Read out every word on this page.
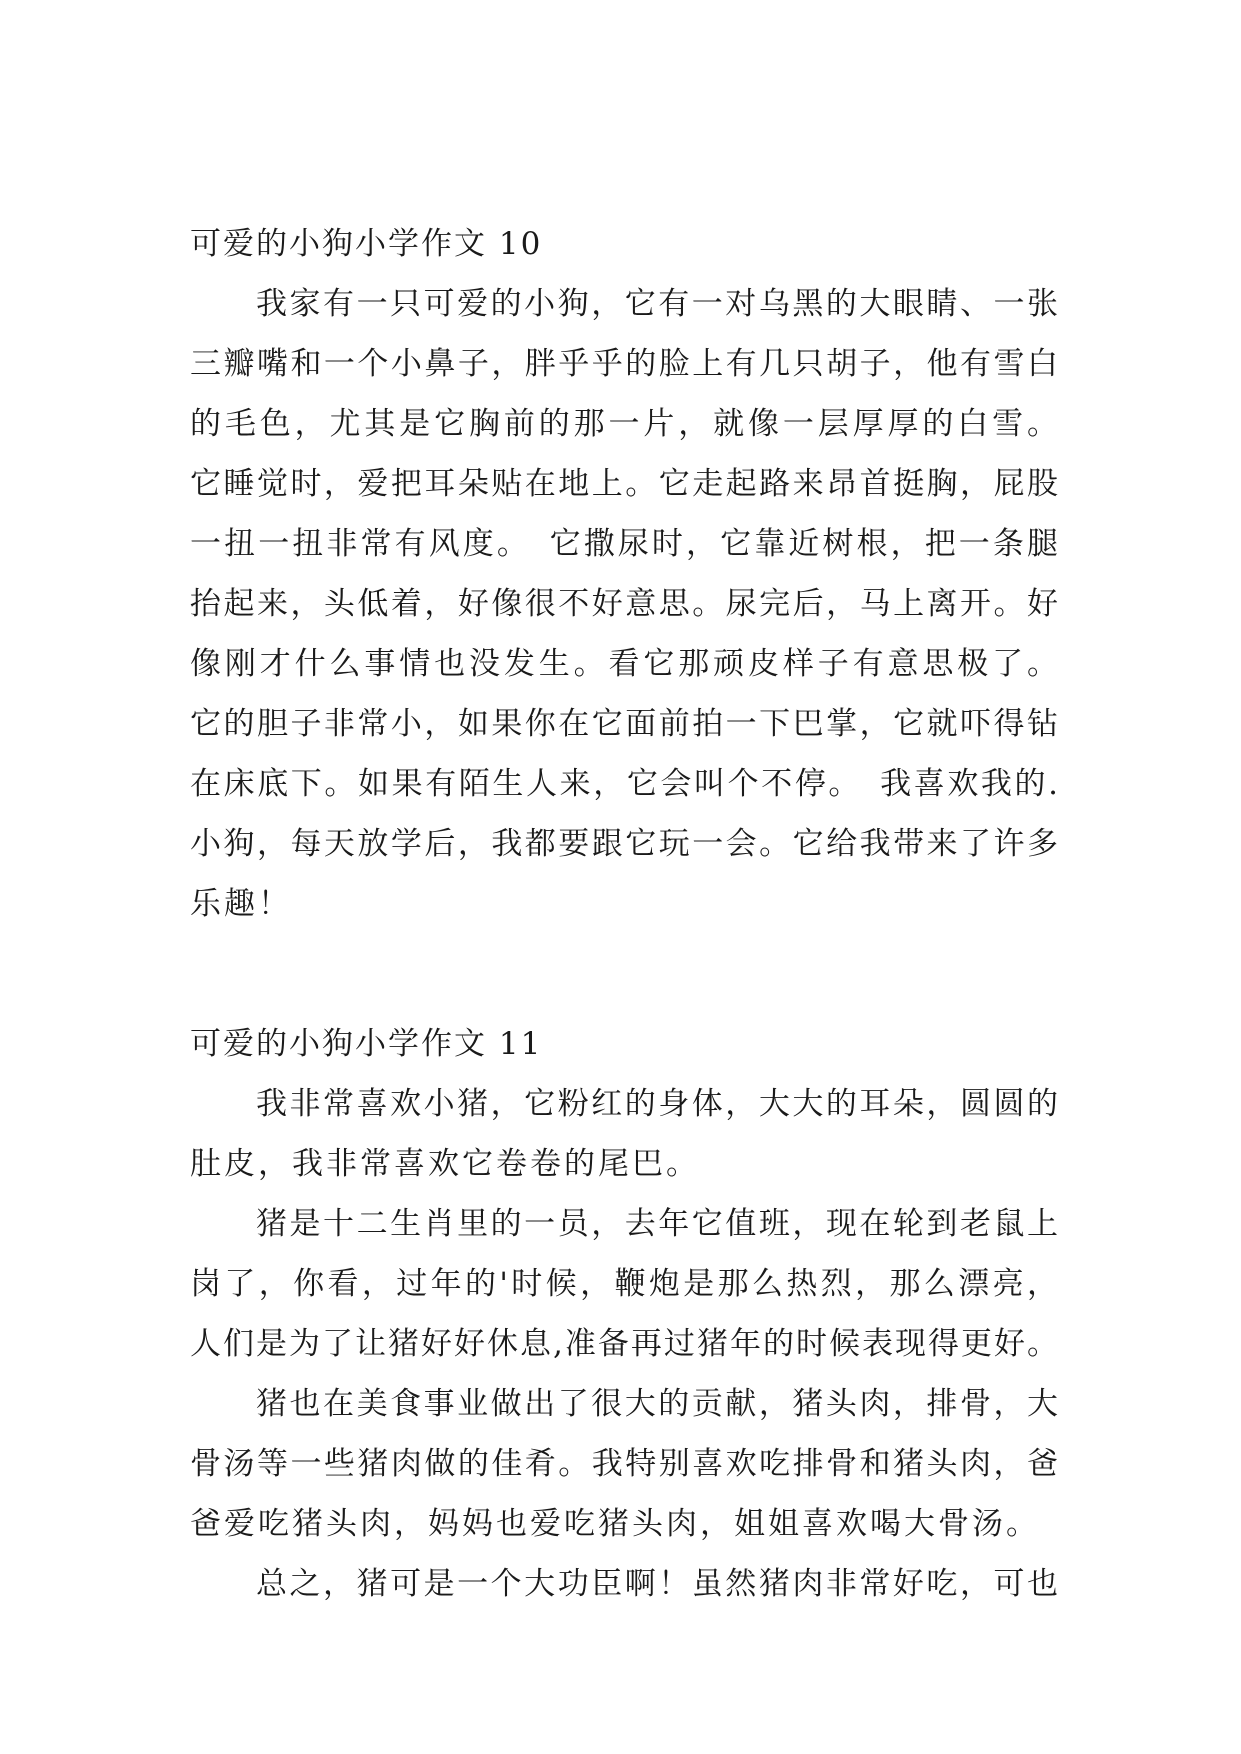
可爱的小狗小学作文 10

我家有一只可爱的小狗，它有一对乌黑的大眼睛、一张

三瓣嘴和一个小鼻子，胖乎乎的脸上有几只胡子，他有雪白

的毛色，尤其是它胸前的那一片，就像一层厚厚的白雪。

它睡觉时，爱把耳朵贴在地上。它走起路来昂首挺胸，屁股

一扭一扭非常有风度。　它撒尿时，它靠近树根，把一条腿

抬起来，头低着，好像很不好意思。尿完后，马上离开。好

像刚才什么事情也没发生。看它那顽皮样子有意思极了。

它的胆子非常小，如果你在它面前拍一下巴掌，它就吓得钻

在床底下。如果有陌生人来，它会叫个不停。　我喜欢我的.

小狗，每天放学后，我都要跟它玩一会。它给我带来了许多

乐趣！

可爱的小狗小学作文 11

我非常喜欢小猪，它粉红的身体，大大的耳朵，圆圆的

肚皮，我非常喜欢它卷卷的尾巴。

猪是十二生肖里的一员，去年它值班，现在轮到老鼠上

岗了，你看，过年的'时候，鞭炮是那么热烈，那么漂亮，

人们是为了让猪好好休息,准备再过猪年的时候表现得更好。

猪也在美食事业做出了很大的贡献，猪头肉，排骨，大

骨汤等一些猪肉做的佳肴。我特别喜欢吃排骨和猪头肉，爸

爸爱吃猪头肉，妈妈也爱吃猪头肉，姐姐喜欢喝大骨汤。

总之，猪可是一个大功臣啊！虽然猪肉非常好吃，可也
